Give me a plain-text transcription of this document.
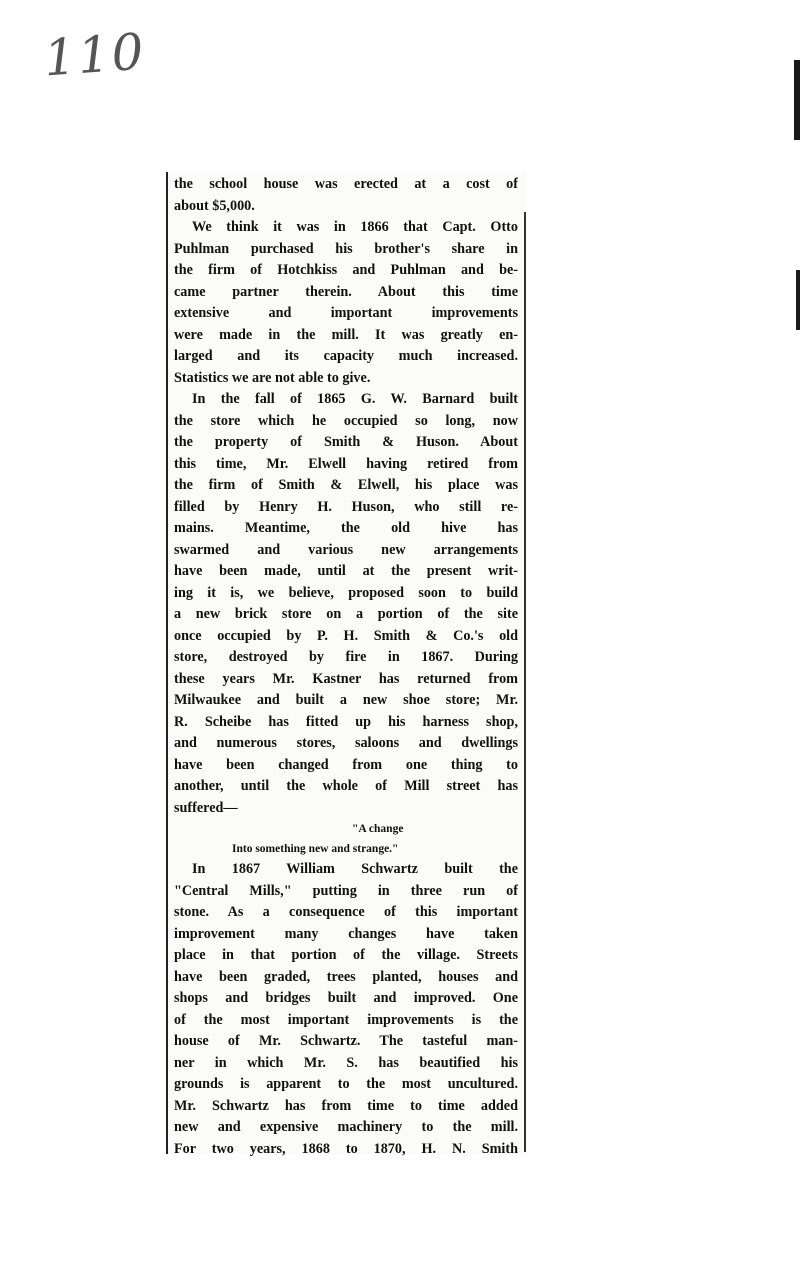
110
the school house was erected at a cost of
about $5,000.
We think it was in 1866 that Capt. Otto
Puhlman purchased his brother's share in
the firm of Hotchkiss and Puhlman and be-
came partner therein. About this time
extensive and important improvements
were made in the mill. It was greatly en-
larged and its capacity much increased.
Statistics we are not able to give.
In the fall of 1865 G. W. Barnard built
the store which he occupied so long, now
the property of Smith & Huson. About
this time, Mr. Elwell having retired from
the firm of Smith & Elwell, his place was
filled by Henry H. Huson, who still re-
mains. Meantime, the old hive has
swarmed and various new arrangements
have been made, until at the present writ-
ing it is, we believe, proposed soon to build
a new brick store on a portion of the site
once occupied by P. H. Smith & Co.'s old
store, destroyed by fire in 1867. During
these years Mr. Kastner has returned from
Milwaukee and built a new shoe store; Mr.
R. Scheibe has fitted up his harness shop,
and numerous stores, saloons and dwellings
have been changed from one thing to
another, until the whole of Mill street has
suffered—
"A change
Into something new and strange."
In 1867 William Schwartz built the
"Central Mills," putting in three run of
stone. As a consequence of this important
improvement many changes have taken
place in that portion of the village. Streets
have been graded, trees planted, houses and
shops and bridges built and improved. One
of the most important improvements is the
house of Mr. Schwartz. The tasteful man-
ner in which Mr. S. has beautified his
grounds is apparent to the most uncultured.
Mr. Schwartz has from time to time added
new and expensive machinery to the mill.
For two years, 1868 to 1870, H. N. Smith
